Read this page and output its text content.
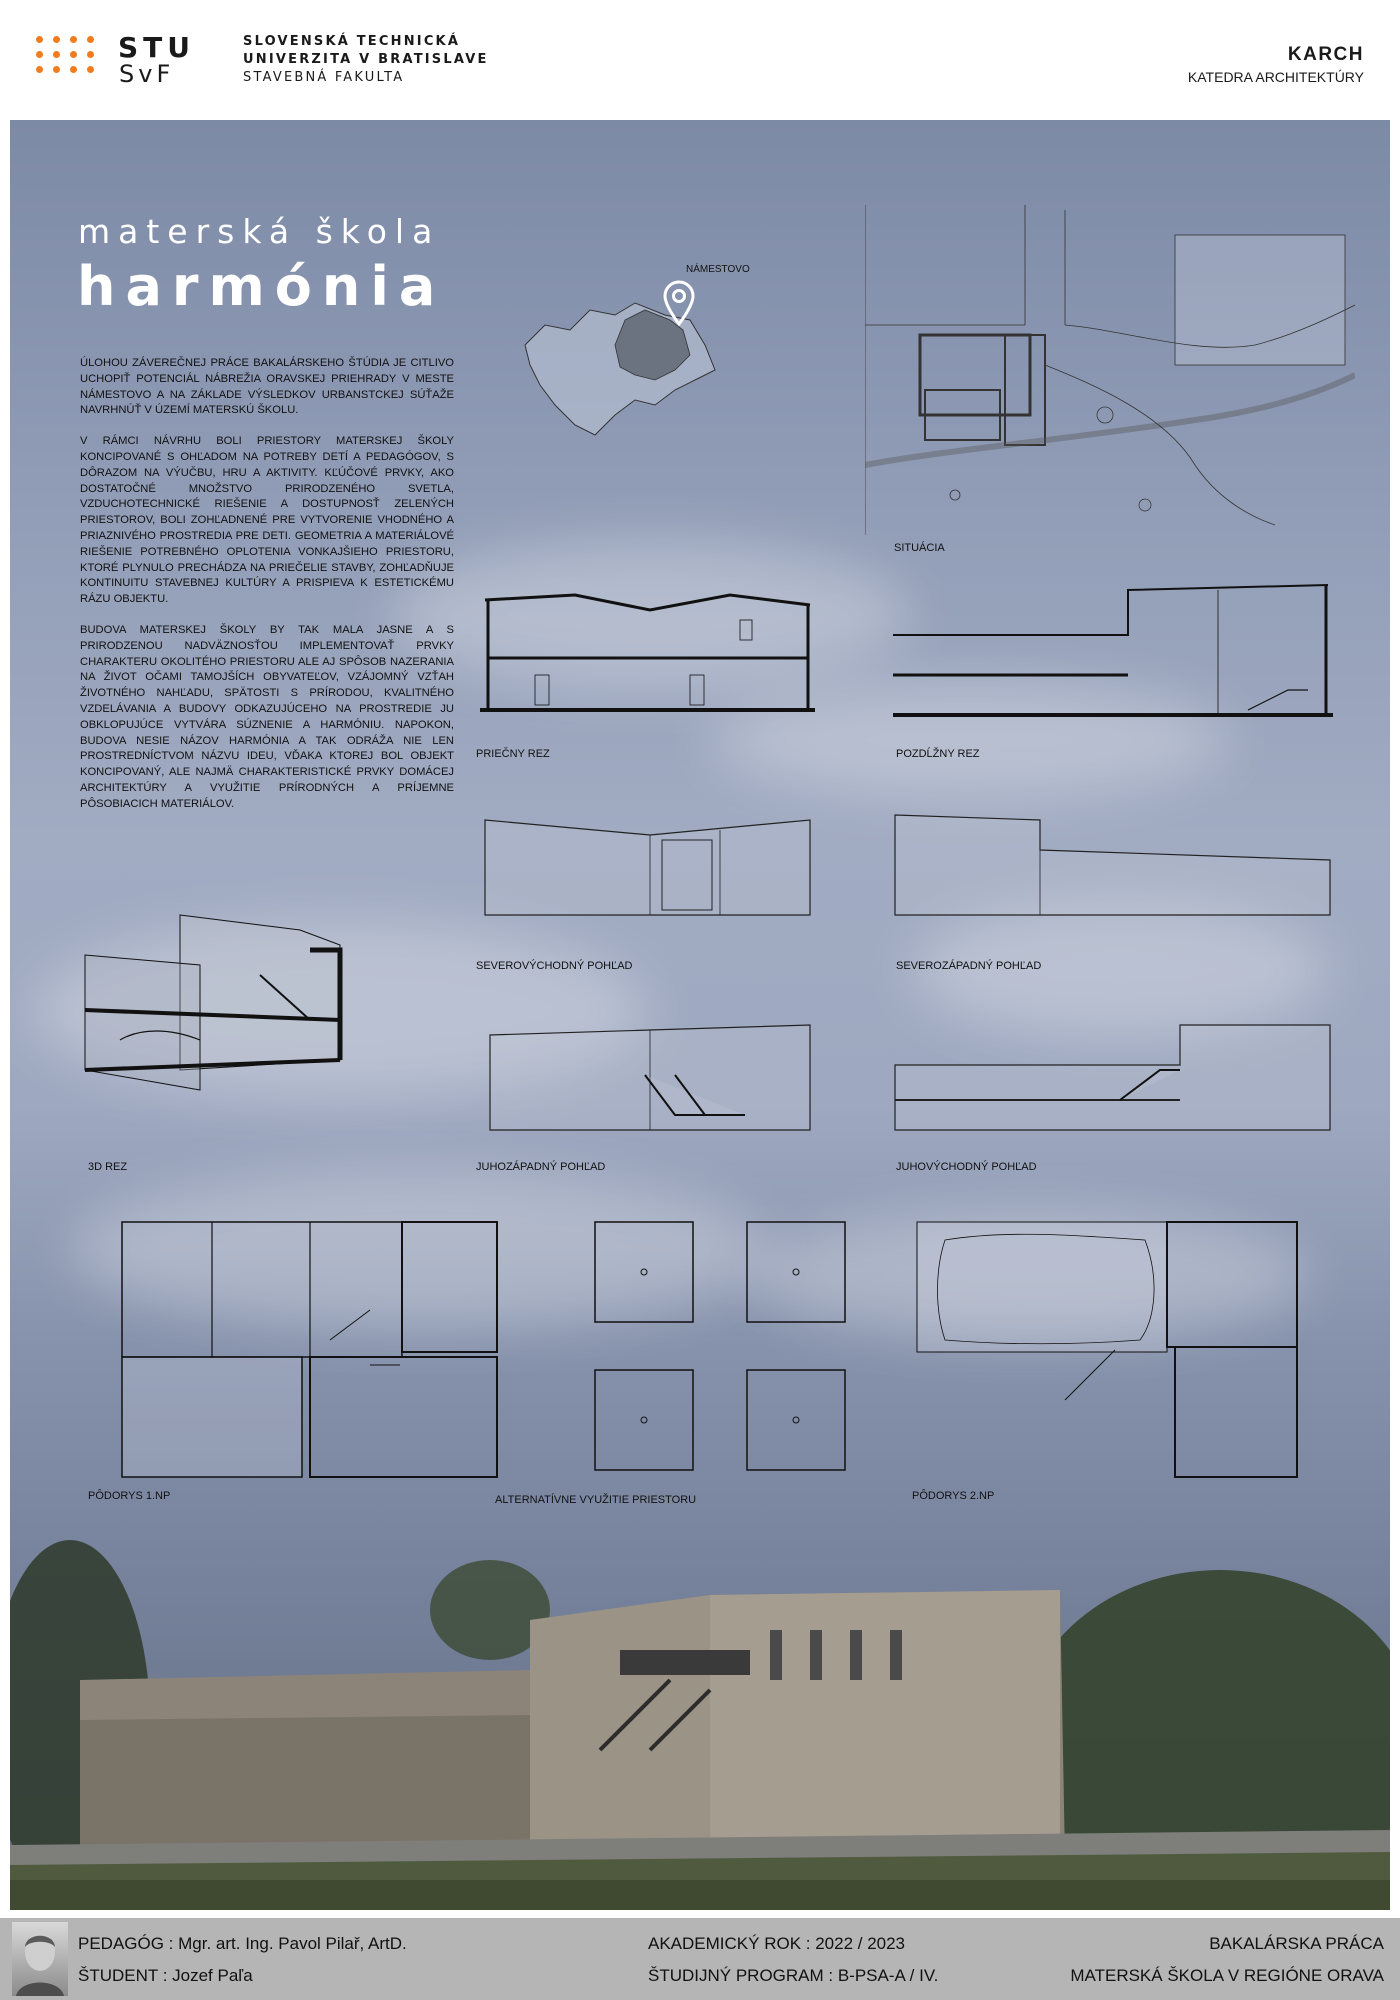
STU
SvF
SLOVENSKÁ TECHNICKÁ
UNIVERZITA V BRATISLAVE
STAVEBNÁ FAKULTA
KARCH
KATEDRA ARCHITEKTÚRY
materská škola
harmónia

ÚLOHOU ZÁVEREČNEJ PRÁCE BAKALÁRSKEHO ŠTÚDIA JE CITLIVO UCHOPIŤ POTENCIÁL NÁBREŽIA ORAVSKEJ PRIEHRADY V MESTE NÁMESTOVO A NA ZÁKLADE VÝSLEDKOV URBANSTCKEJ SÚŤAŽE NAVRHNÚŤ V ÚZEMÍ MATERSKÚ ŠKOLU.

V RÁMCI NÁVRHU BOLI PRIESTORY MATERSKEJ ŠKOLY KONCIPOVANÉ S OHĽADOM NA POTREBY DETÍ A PEDAGÓGOV, S DÔRAZOM NA VÝUČBU, HRU A AKTIVITY. KĽÚČOVÉ PRVKY, AKO DOSTATOČNÉ MNOŽSTVO PRIRODZENÉHO SVETLA, VZDUCHOTECHNICKÉ RIEŠENIE A DOSTUPNOSŤ ZELENÝCH PRIESTOROV, BOLI ZOHĽADNENÉ PRE VYTVORENIE VHODNÉHO A PRIAZNIVÉHO PROSTREDIA PRE DETI. GEOMETRIA A MATERIÁLOVÉ RIEŠENIE POTREBNÉHO OPLOTENIA VONKAJŠIEHO PRIESTORU, KTORÉ PLYNULO PRECHÁDZA NA PRIEČELIE STAVBY, ZOHĽADŇUJE KONTINUITU STAVEBNEJ KULTÚRY A PRISPIEVA K ESTETICKÉMU RÁZU OBJEKTU.

BUDOVA MATERSKEJ ŠKOLY BY TAK MALA JASNE A S PRIRODZENOU NADVÄZNOSŤOU IMPLEMENTOVAŤ PRVKY CHARAKTERU OKOLITÉHO PRIESTORU ALE AJ SPÔSOB NAZERANIA NA ŽIVOT OČAMI TAMOJŠÍCH OBYVATEĽOV, VZÁJOMNÝ VZŤAH ŽIVOTNÉHO NAHĽADU, SPÄTOSTI S PRÍRODOU, KVALITNÉHO VZDELÁVANIA A BUDOVY ODKAZUJÚCEHO NA PROSTREDIE JU OBKLOPUJÚCE VYTVÁRA SÚZNENIE A HARMÓNIU. NAPOKON, BUDOVA NESIE NÁZOV HARMÓNIA A TAK ODRÁŽA NIE LEN PROSTREDNÍCTVOM NÁZVU IDEU, VĎAKA KTOREJ BOL OBJEKT KONCIPOVANÝ, ALE NAJMÄ CHARAKTERISTICKÉ PRVKY DOMÁCEJ ARCHITEKTÚRY A VYUŽITIE PRÍRODNÝCH A PRÍJEMNE PÔSOBIACICH MATERIÁLOV.

NÁMESTOVO
SITUÁCIA
PRIEČNY REZ	POZDĹŽNY REZ
SEVEROVÝCHODNÝ POHĽAD	SEVEROZÁPADNÝ POHĽAD
3D REZ	JUHOZÁPADNÝ POHĽAD	JUHOVÝCHODNÝ POHĽAD
PÔDORYS 1.NP	ALTERNATÍVNE VYUŽITIE PRIESTORU	PÔDORYS 2.NP
PEDAGÓG : Mgr. art. Ing. Pavol Pilař, ArtD.
ŠTUDENT : Jozef Paľa
AKADEMICKÝ ROK : 2022 / 2023
ŠTUDIJNÝ PROGRAM : B-PSA-A / IV.
BAKALÁRSKA PRÁCA
MATERSKÁ ŠKOLA V REGIÓNE ORAVA
